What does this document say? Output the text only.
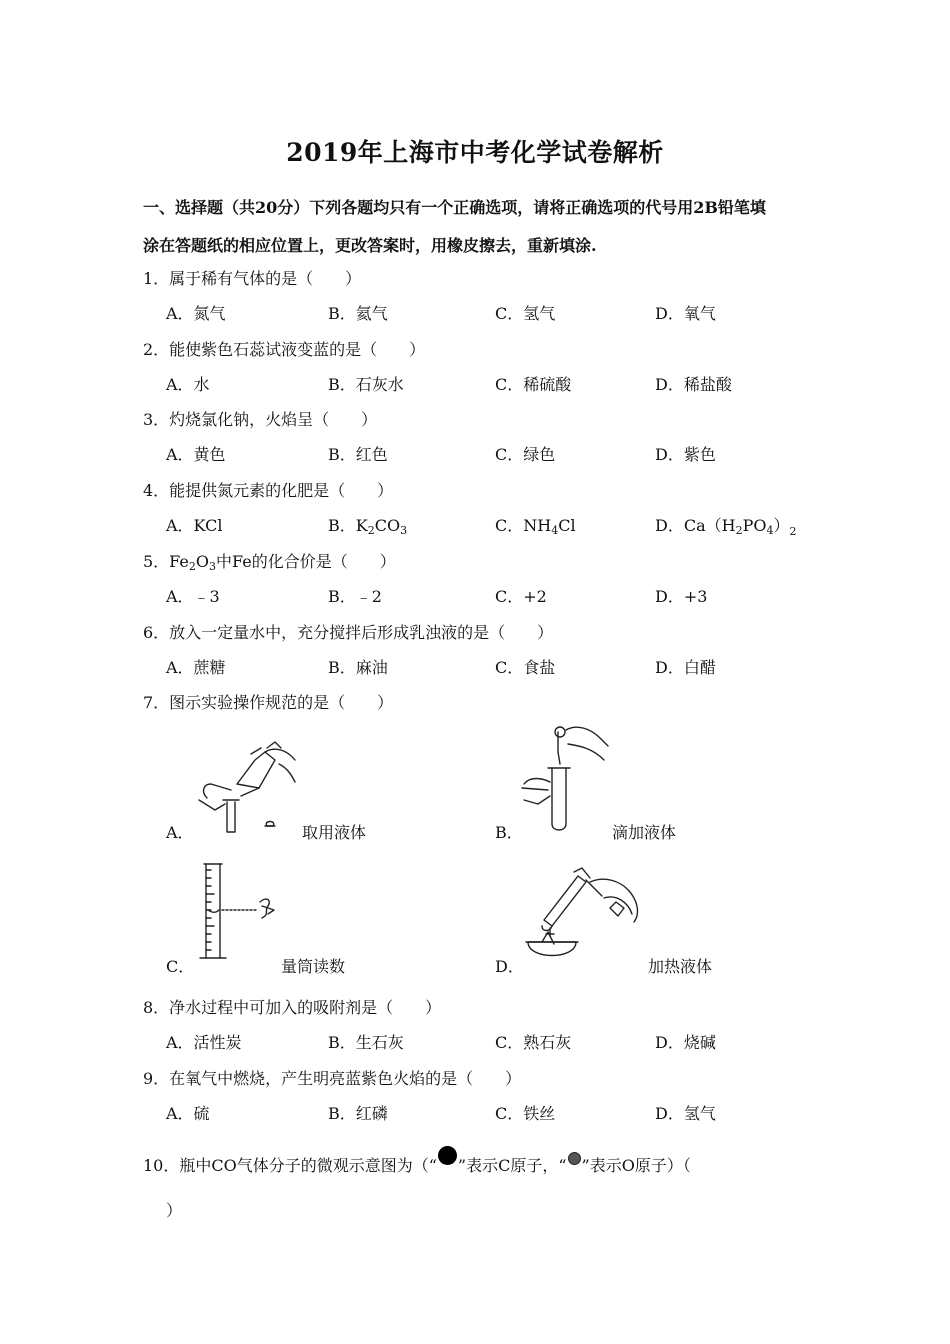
2019年上海市中考化学试卷解析
一、选择题（共20分）下列各题均只有一个正确选项，请将正确选项的代号用2B铅笔填
涂在答题纸的相应位置上，更改答案时，用橡皮擦去，重新填涂.
1．属于稀有气体的是（　　）
A．氮气	B．氦气	C．氢气	D．氧气
2．能使紫色石蕊试液变蓝的是（　　）
A．水	B．石灰水	C．稀硫酸	D．稀盐酸
3．灼烧氯化钠，火焰呈（　　）
A．黄色	B．红色	C．绿色	D．紫色
4．能提供氮元素的化肥是（　　）
A．KCl	B．$K_2CO_3$	C．$NH_4Cl$	D．$Ca(H_2PO_4)_2$
5．$Fe_2O_3$中Fe的化合价是（　　）
A．﹣3	B．﹣2	C．+2	D．+3
6．放入一定量水中，充分搅拌后形成乳浊液的是（　　）
A．蔗糖	B．麻油	C．食盐	D．白醋
7．图示实验操作规范的是（　　）
A．	取用液体	B．	滴加液体
C．	量筒读数	D．	加热液体
8．净水过程中可加入的吸附剂是（　　）
A．活性炭	B．生石灰	C．熟石灰	D．烧碱
9．在氧气中燃烧，产生明亮蓝紫色火焰的是（　　）
A．硫	B．红磷	C．铁丝	D．氢气
10．瓶中CO气体分子的微观示意图为（“ ”表示C原子，“ ”表示O原子）（
）
